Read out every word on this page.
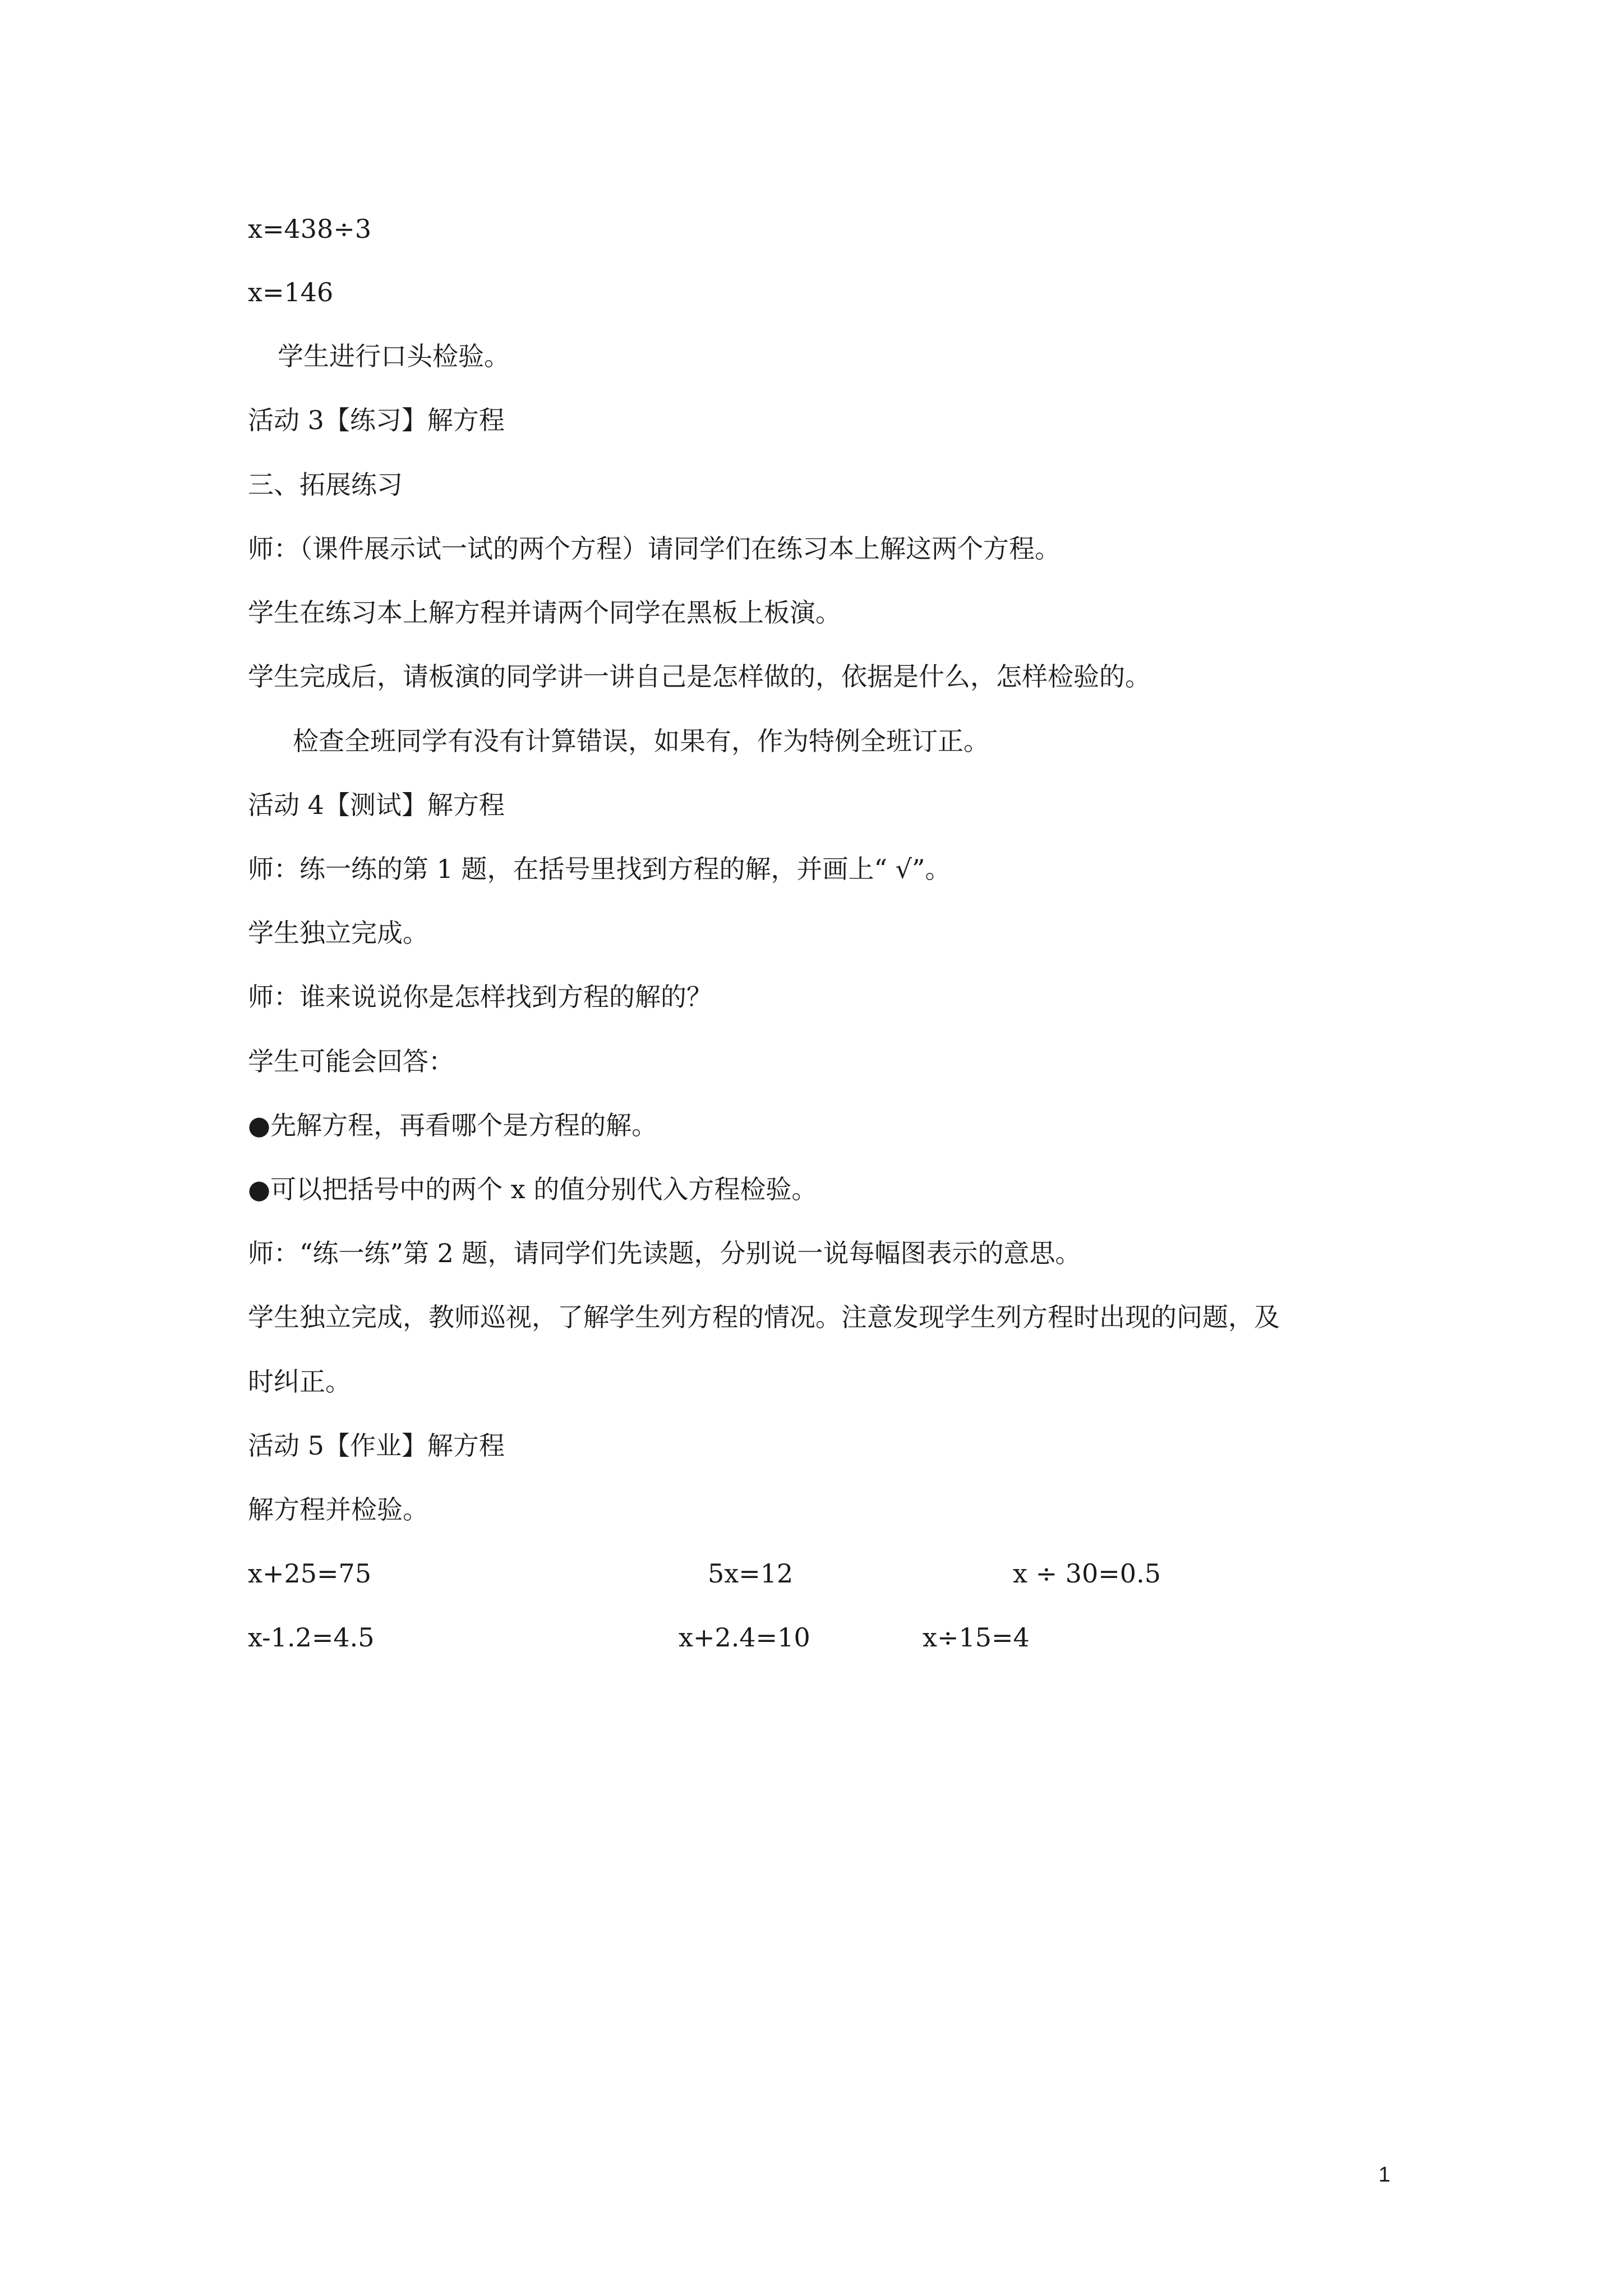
x=438÷3
x=146
学生进行口头检验。
活动 3【练习】解方程
三、拓展练习
师：（课件展示试一试的两个方程）请同学们在练习本上解这两个方程。
学生在练习本上解方程并请两个同学在黑板上板演。
学生完成后，请板演的同学讲一讲自己是怎样做的，依据是什么，怎样检验的。
检查全班同学有没有计算错误，如果有，作为特例全班订正。
活动 4【测试】解方程
师：练一练的第 1 题，在括号里找到方程的解，并画上“ √”。
学生独立完成。
师：谁来说说你是怎样找到方程的解的？
学生可能会回答：
●先解方程，再看哪个是方程的解。
●可以把括号中的两个 x 的值分别代入方程检验。
师：“练一练”第 2 题，请同学们先读题，分别说一说每幅图表示的意思。
学生独立完成，教师巡视，了解学生列方程的情况。注意发现学生列方程时出现的问题，及
时纠正。
活动 5【作业】解方程
解方程并检验。
x+25=75	5x=12	x ÷ 30=0.5
x-1.2=4.5	x+2.4=10	x÷15=4
1
